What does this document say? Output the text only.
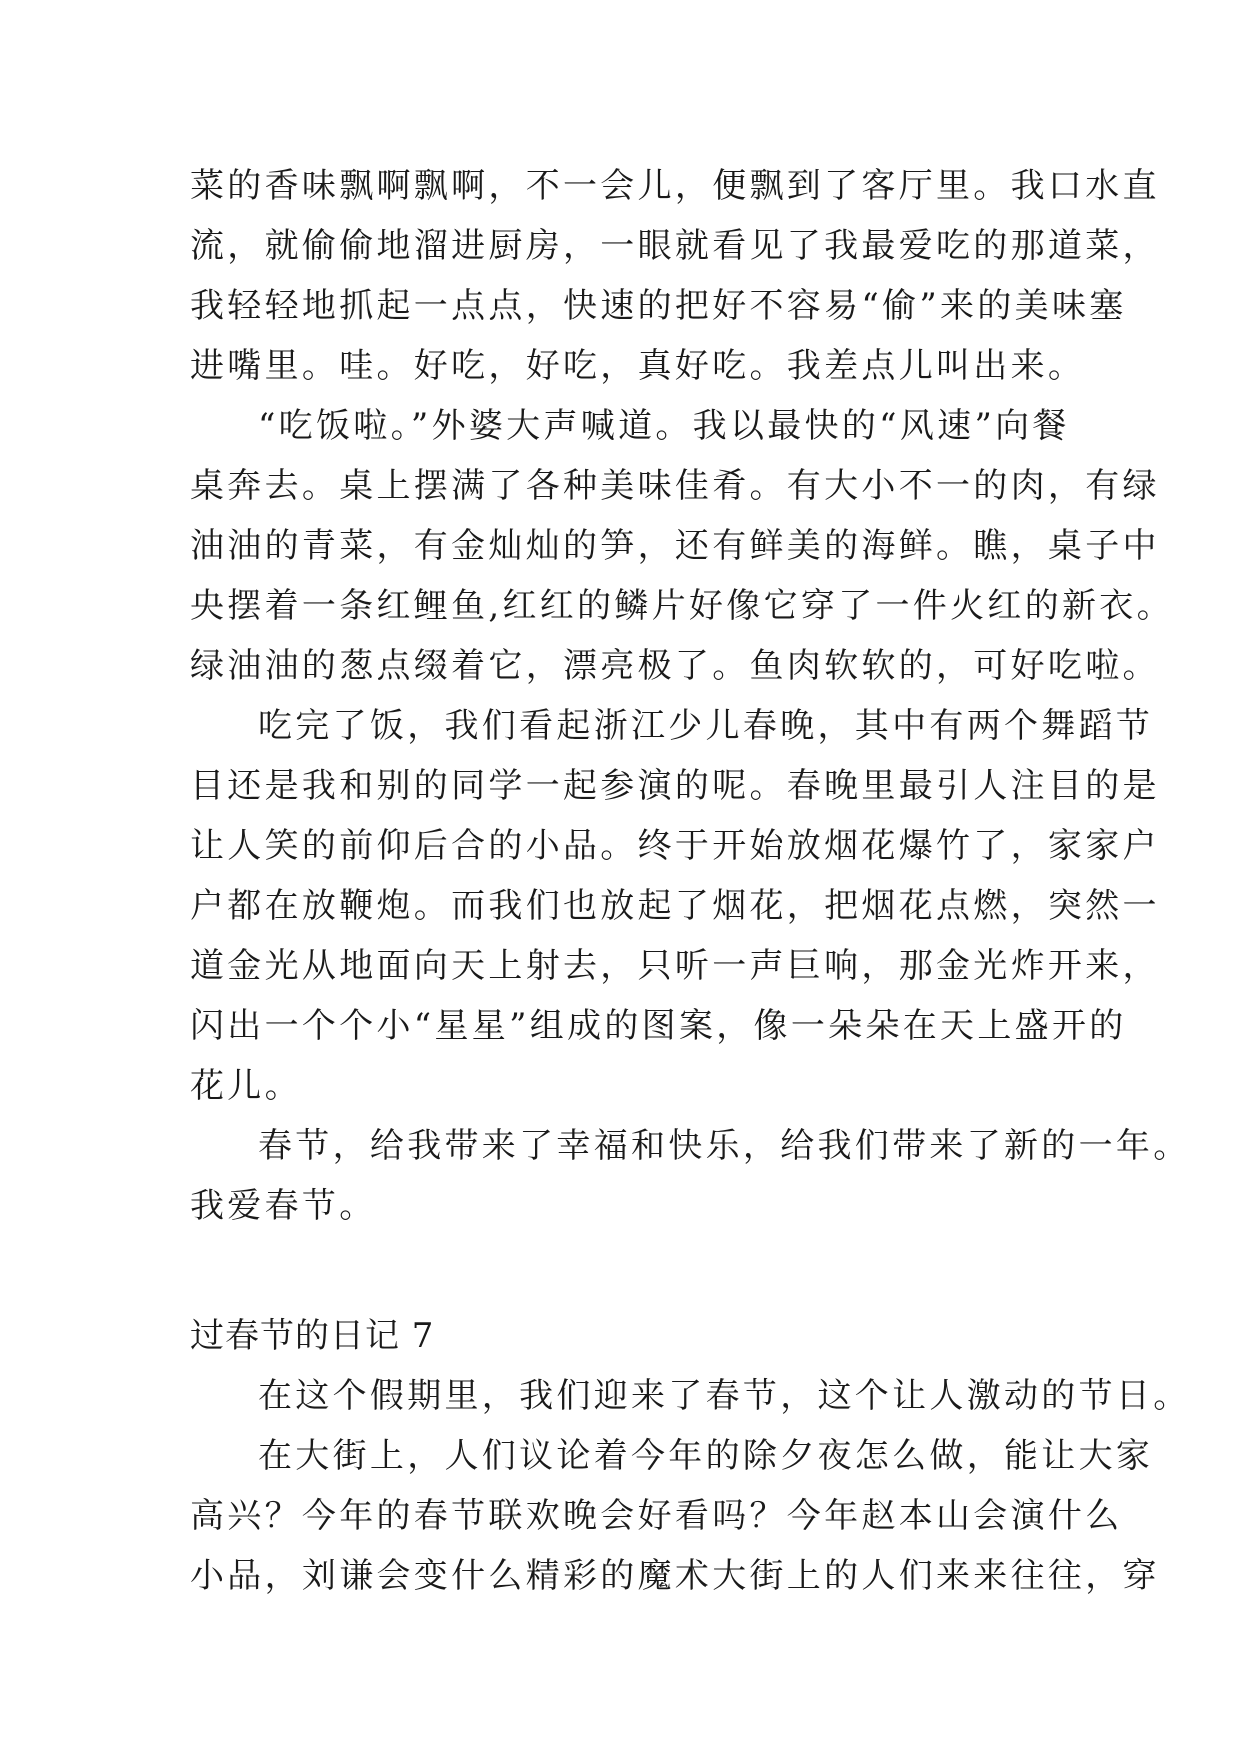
菜的香味飘啊飘啊，不一会儿，便飘到了客厅里。我口水直
流，就偷偷地溜进厨房，一眼就看见了我最爱吃的那道菜，
我轻轻地抓起一点点，快速的把好不容易“偷”来的美味塞
进嘴里。哇。好吃，好吃，真好吃。我差点儿叫出来。
“吃饭啦。”外婆大声喊道。我以最快的“风速”向餐
桌奔去。桌上摆满了各种美味佳肴。有大小不一的肉，有绿
油油的青菜，有金灿灿的笋，还有鲜美的海鲜。瞧，桌子中
央摆着一条红鲤鱼,红红的鳞片好像它穿了一件火红的新衣。
绿油油的葱点缀着它，漂亮极了。鱼肉软软的，可好吃啦。
吃完了饭，我们看起浙江少儿春晚，其中有两个舞蹈节
目还是我和别的同学一起参演的呢。春晚里最引人注目的是
让人笑的前仰后合的小品。终于开始放烟花爆竹了，家家户
户都在放鞭炮。而我们也放起了烟花，把烟花点燃，突然一
道金光从地面向天上射去，只听一声巨响，那金光炸开来，
闪出一个个小“星星”组成的图案，像一朵朵在天上盛开的
花儿。
春节，给我带来了幸福和快乐，给我们带来了新的一年。
我爱春节。
过春节的日记 7
在这个假期里，我们迎来了春节，这个让人激动的节日。
在大街上，人们议论着今年的除夕夜怎么做，能让大家
高兴？今年的春节联欢晚会好看吗？今年赵本山会演什么
小品，刘谦会变什么精彩的魔术大街上的人们来来往往，穿
